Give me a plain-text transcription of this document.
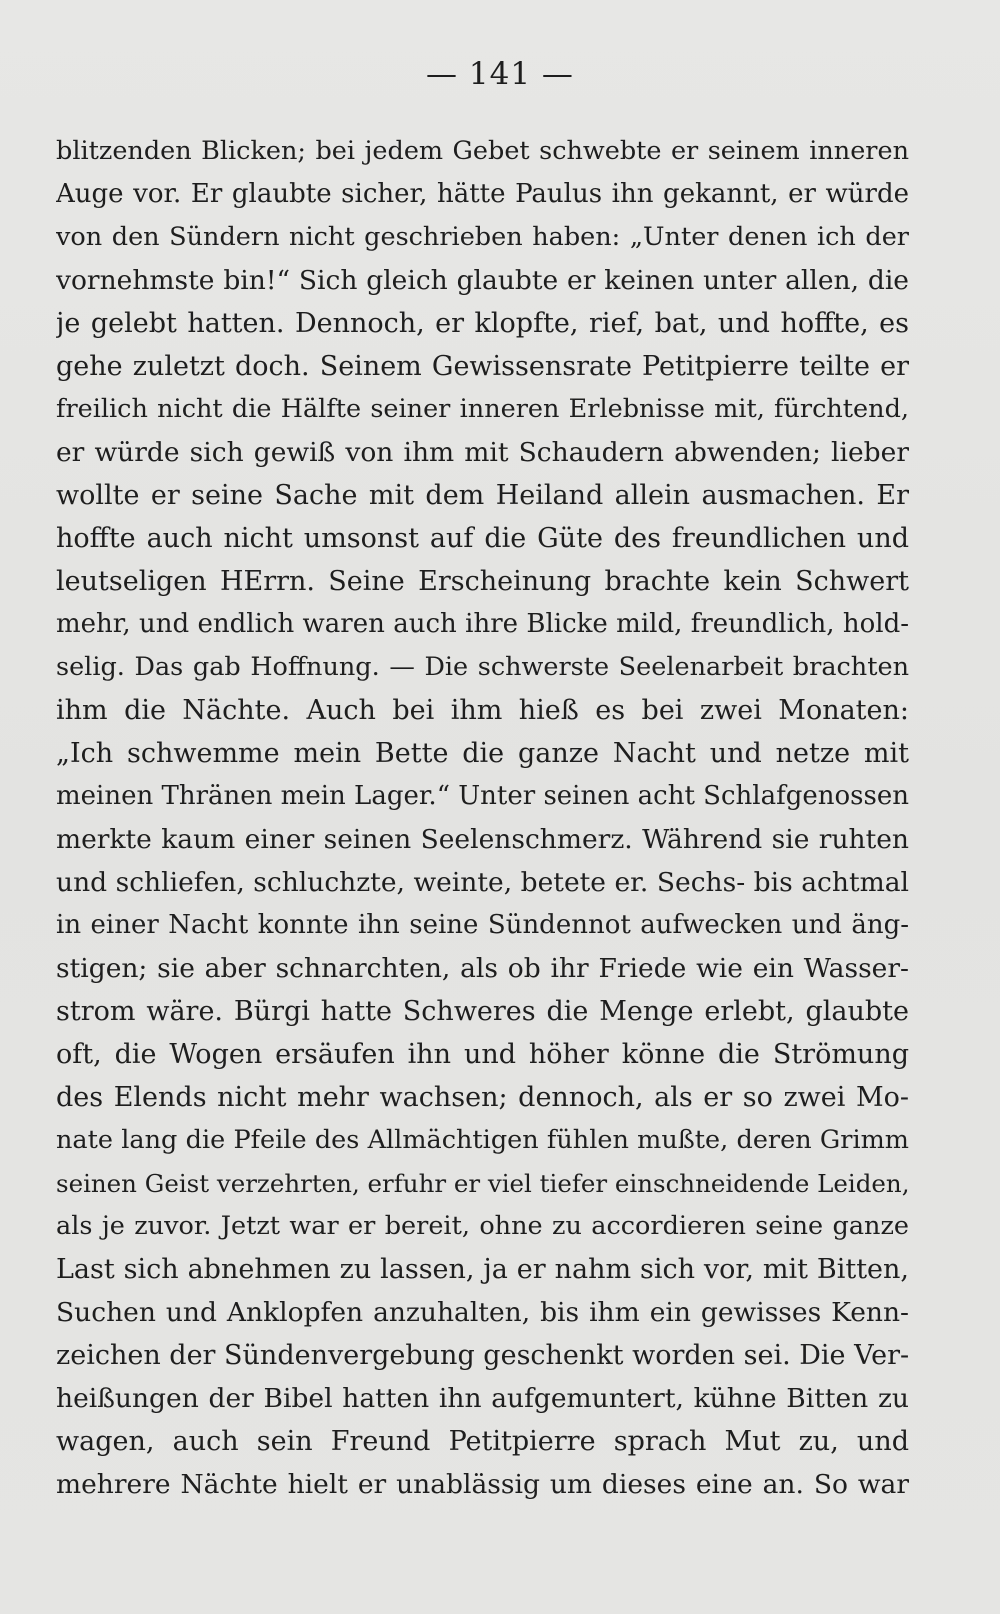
— 141 —
blitzenden Blicken; bei jedem Gebet schwebte er seinem inneren
Auge vor. Er glaubte sicher, hätte Paulus ihn gekannt, er würde
von den Sündern nicht geschrieben haben: „Unter denen ich der
vornehmste bin!“ Sich gleich glaubte er keinen unter allen, die
je gelebt hatten. Dennoch, er klopfte, rief, bat, und hoffte, es
gehe zuletzt doch. Seinem Gewissensrate Petitpierre teilte er
freilich nicht die Hälfte seiner inneren Erlebnisse mit, fürchtend,
er würde sich gewiß von ihm mit Schaudern abwenden; lieber
wollte er seine Sache mit dem Heiland allein ausmachen. Er
hoffte auch nicht umsonst auf die Güte des freundlichen und
leutseligen HErrn. Seine Erscheinung brachte kein Schwert
mehr, und endlich waren auch ihre Blicke mild, freundlich, hold-
selig. Das gab Hoffnung. — Die schwerste Seelenarbeit brachten
ihm die Nächte. Auch bei ihm hieß es bei zwei Monaten:
„Ich schwemme mein Bette die ganze Nacht und netze mit
meinen Thränen mein Lager.“ Unter seinen acht Schlafgenossen
merkte kaum einer seinen Seelenschmerz. Während sie ruhten
und schliefen, schluchzte, weinte, betete er. Sechs- bis achtmal
in einer Nacht konnte ihn seine Sündennot aufwecken und äng-
stigen; sie aber schnarchten, als ob ihr Friede wie ein Wasser-
strom wäre. Bürgi hatte Schweres die Menge erlebt, glaubte
oft, die Wogen ersäufen ihn und höher könne die Strömung
des Elends nicht mehr wachsen; dennoch, als er so zwei Mo-
nate lang die Pfeile des Allmächtigen fühlen mußte, deren Grimm
seinen Geist verzehrten, erfuhr er viel tiefer einschneidende Leiden,
als je zuvor. Jetzt war er bereit, ohne zu accordieren seine ganze
Last sich abnehmen zu lassen, ja er nahm sich vor, mit Bitten,
Suchen und Anklopfen anzuhalten, bis ihm ein gewisses Kenn-
zeichen der Sündenvergebung geschenkt worden sei. Die Ver-
heißungen der Bibel hatten ihn aufgemuntert, kühne Bitten zu
wagen, auch sein Freund Petitpierre sprach Mut zu, und
mehrere Nächte hielt er unablässig um dieses eine an. So war
